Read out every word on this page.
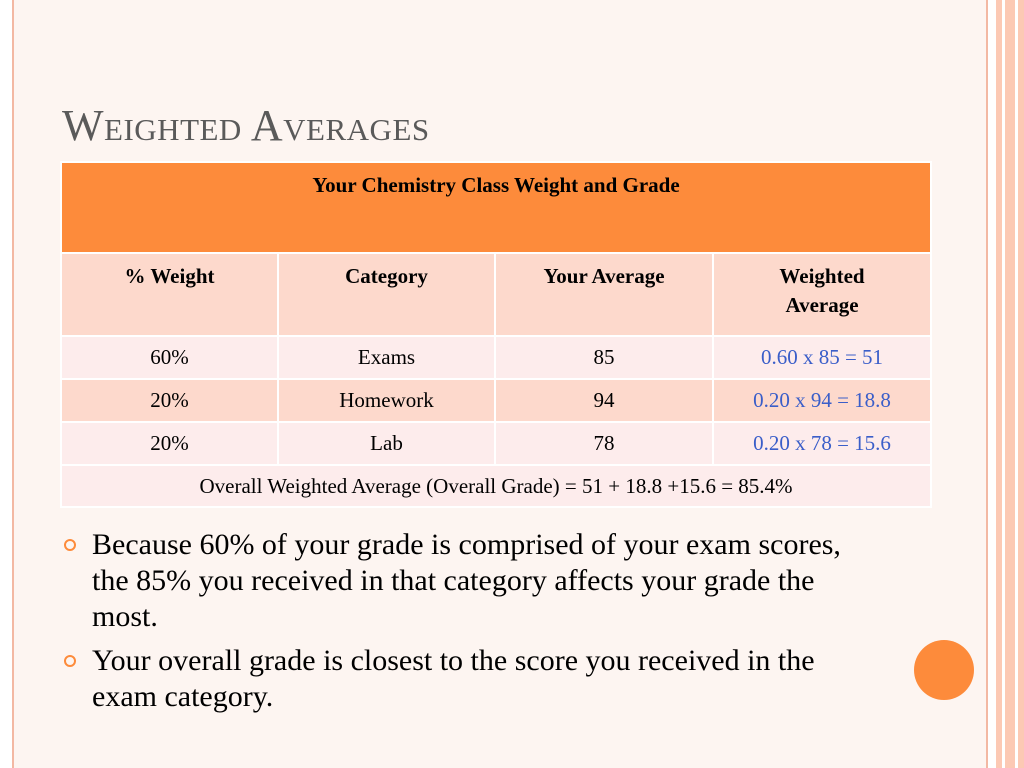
Weighted Averages
Your Chemistry Class Weight and Grade			
% Weight	Category	Your Average	Weighted Average
60%	Exams	85	0.60 x 85 = 51
20%	Homework	94	0.20 x 94 = 18.8
20%	Lab	78	0.20 x 78 = 15.6
Overall Weighted Average (Overall Grade) = 51 + 18.8 +15.6 = 85.4%			
Because 60% of your grade is comprised of your exam scores, the 85% you received in that category affects your grade the most.
Your overall grade is closest to the score you received in the exam category.
